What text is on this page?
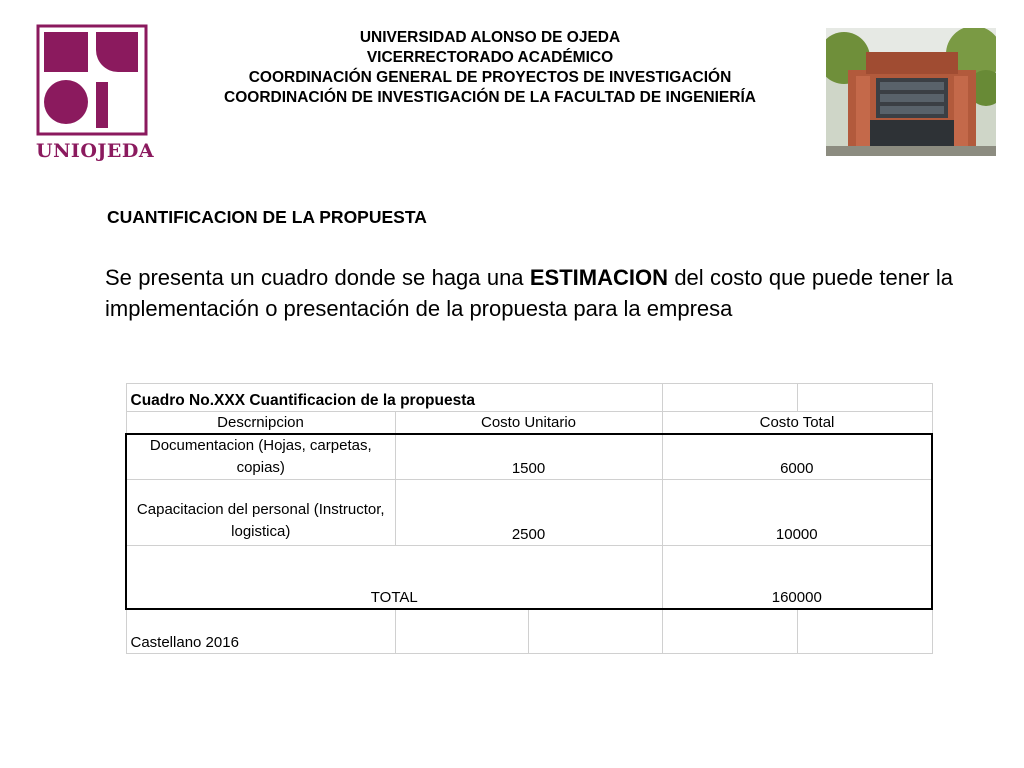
UNIOJEDA
UNIVERSIDAD ALONSO DE OJEDA
VICERRECTORADO ACADÉMICO
COORDINACIÓN GENERAL DE PROYECTOS DE INVESTIGACIÓN
COORDINACIÓN DE INVESTIGACIÓN DE LA FACULTAD DE INGENIERÍA
CUANTIFICACION DE LA PROPUESTA
Se presenta un cuadro donde se haga una ESTIMACION del costo que puede tener la implementación o presentación de la propuesta para la empresa
Cuadro No.XXX Cuantificacion de la propuesta				
Descrnipcion	Costo Unitario		Costo Total	
Documentacion (Hojas, carpetas, copias)	1500		6000	
Capacitacion del personal (Instructor, logistica)	2500		10000	
TOTAL			160000	
Castellano 2016				
